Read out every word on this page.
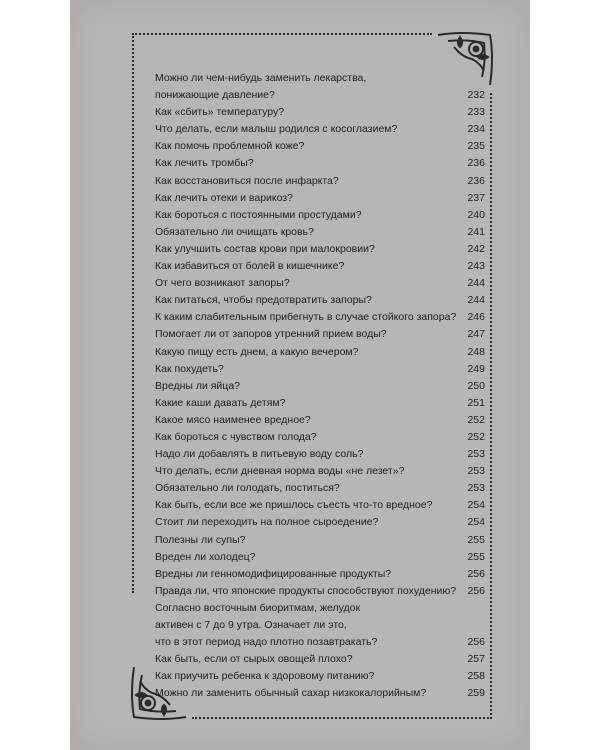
Можно ли чем-нибудь заменить лекарства,
понижающие давление?	232
Как «сбить» температуру?	233
Что делать, если малыш родился с косоглазием?	234
Как помочь проблемной коже?	235
Как лечить тромбы?	236
Как восстановиться после инфаркта?	236
Как лечить отеки и варикоз?	237
Как бороться с постоянными простудами?	240
Обязательно ли очищать кровь?	241
Как улучшить состав крови при малокровии?	242
Как избавиться от болей в кишечнике?	243
От чего возникают запоры?	244
Как питаться, чтобы предотвратить запоры?	244
К каким слабительным прибегнуть в случае стойкого запора?	246
Помогает ли от запоров утренний прием воды?	247
Какую пищу есть днем, а какую вечером?	248
Как похудеть?	249
Вредны ли яйца?	250
Какие каши давать детям?	251
Какое мясо наименее вредное?	252
Как бороться с чувством голода?	252
Надо ли добавлять в питьевую воду соль?	253
Что делать, если дневная норма воды «не лезет»?	253
Обязательно ли голодать, поститься?	253
Как быть, если все же пришлось съесть что-то вредное?	254
Стоит ли переходить на полное сыроедение?	254
Полезны ли супы?	255
Вреден ли холодец?	255
Вредны ли генномодифицированные продукты?	256
Правда ли, что японские продукты способствуют похудению?	256
Согласно восточным биоритмам, желудок
активен с 7 до 9 утра. Означает ли это,
что в этот период надо плотно позавтракать?	256
Как быть, если от сырых овощей плохо?	257
Как приучить ребенка к здоровому питанию?	258
Можно ли заменить обычный сахар низкокалорийным?	259
